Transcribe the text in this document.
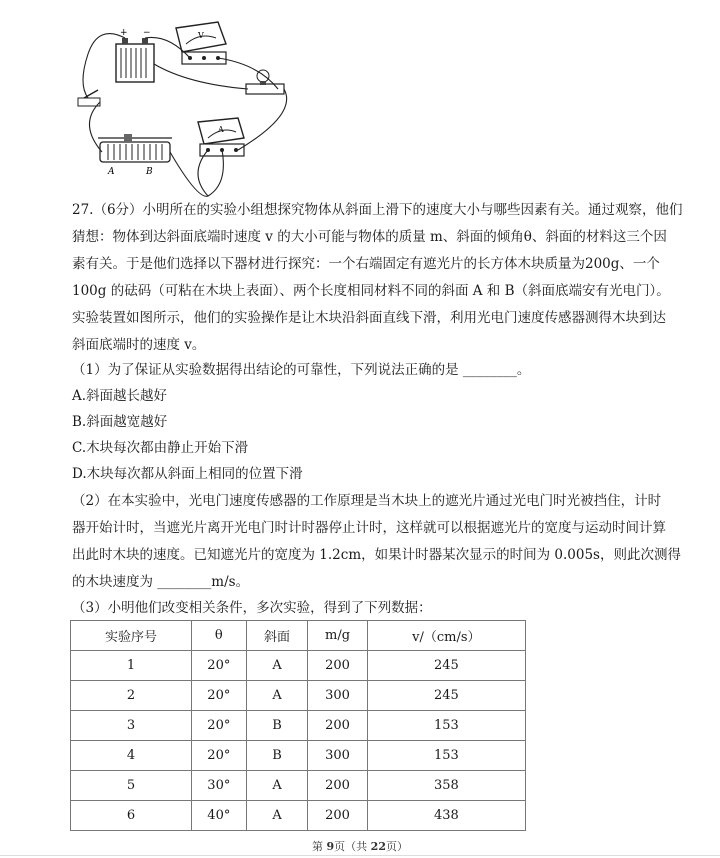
+ −	V
A
A	B
27.（6分）小明所在的实验小组想探究物体从斜面上滑下的速度大小与哪些因素有关。通过观察，他们
猜想：物体到达斜面底端时速度 v 的大小可能与物体的质量 m、斜面的倾角θ、斜面的材料这三个因
素有关。于是他们选择以下器材进行探究：一个右端固定有遮光片的长方体木块质量为200g、一个
100g 的砝码（可粘在木块上表面）、两个长度相同材料不同的斜面 A 和 B（斜面底端安有光电门）。
实验装置如图所示，他们的实验操作是让木块沿斜面直线下滑，利用光电门速度传感器测得木块到达
斜面底端时的速度 v。
（1）为了保证从实验数据得出结论的可靠性，下列说法正确的是 ________。
A.斜面越长越好
B.斜面越宽越好
C.木块每次都由静止开始下滑
D.木块每次都从斜面上相同的位置下滑
（2）在本实验中，光电门速度传感器的工作原理是当木块上的遮光片通过光电门时光被挡住，计时
器开始计时，当遮光片离开光电门时计时器停止计时，这样就可以根据遮光片的宽度与运动时间计算
出此时木块的速度。已知遮光片的宽度为 1.2cm，如果计时器某次显示的时间为 0.005s，则此次测得
的木块速度为 ________m/s。
（3）小明他们改变相关条件，多次实验，得到了下列数据：
实验序号	θ	斜面	m/g	v/（cm/s）
1	20°	A	200	245
2	20°	A	300	245
3	20°	B	200	153
4	20°	B	300	153
5	30°	A	200	358
6	40°	A	200	438
第 9页（共 22页）
